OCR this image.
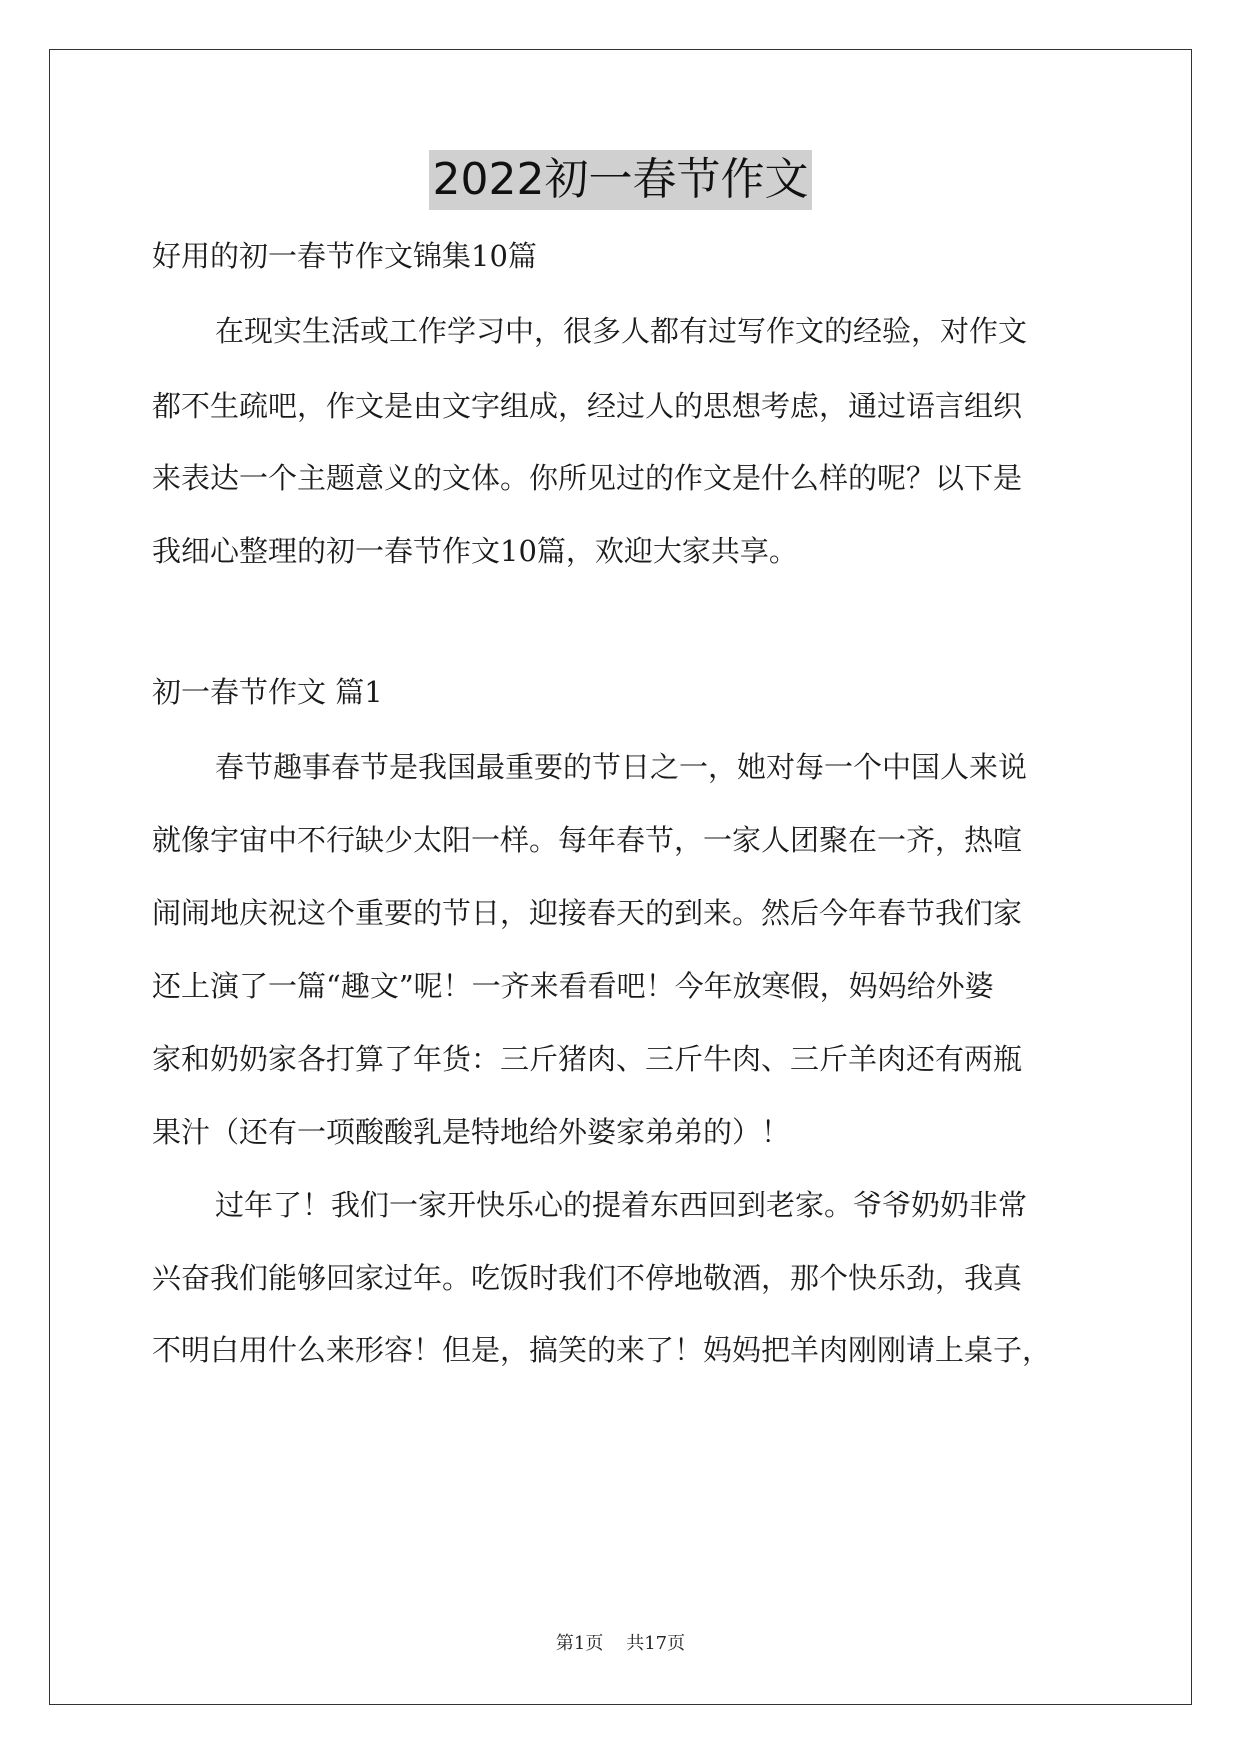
2022初一春节作文
好用的初一春节作文锦集10篇
在现实生活或工作学习中，很多人都有过写作文的经验，对作文
都不生疏吧，作文是由文字组成，经过人的思想考虑，通过语言组织
来表达一个主题意义的文体。你所见过的作文是什么样的呢？以下是
我细心整理的初一春节作文10篇，欢迎大家共享。
初一春节作文 篇1
春节趣事春节是我国最重要的节日之一，她对每一个中国人来说
就像宇宙中不行缺少太阳一样。每年春节，一家人团聚在一齐，热喧
闹闹地庆祝这个重要的节日，迎接春天的到来。然后今年春节我们家
还上演了一篇“趣文”呢！一齐来看看吧！今年放寒假，妈妈给外婆
家和奶奶家各打算了年货：三斤猪肉、三斤牛肉、三斤羊肉还有两瓶
果汁（还有一项酸酸乳是特地给外婆家弟弟的）！
过年了！我们一家开快乐心的提着东西回到老家。爷爷奶奶非常
兴奋我们能够回家过年。吃饭时我们不停地敬酒，那个快乐劲，我真
不明白用什么来形容！但是，搞笑的来了！妈妈把羊肉刚刚请上桌子，
第1页    共17页
